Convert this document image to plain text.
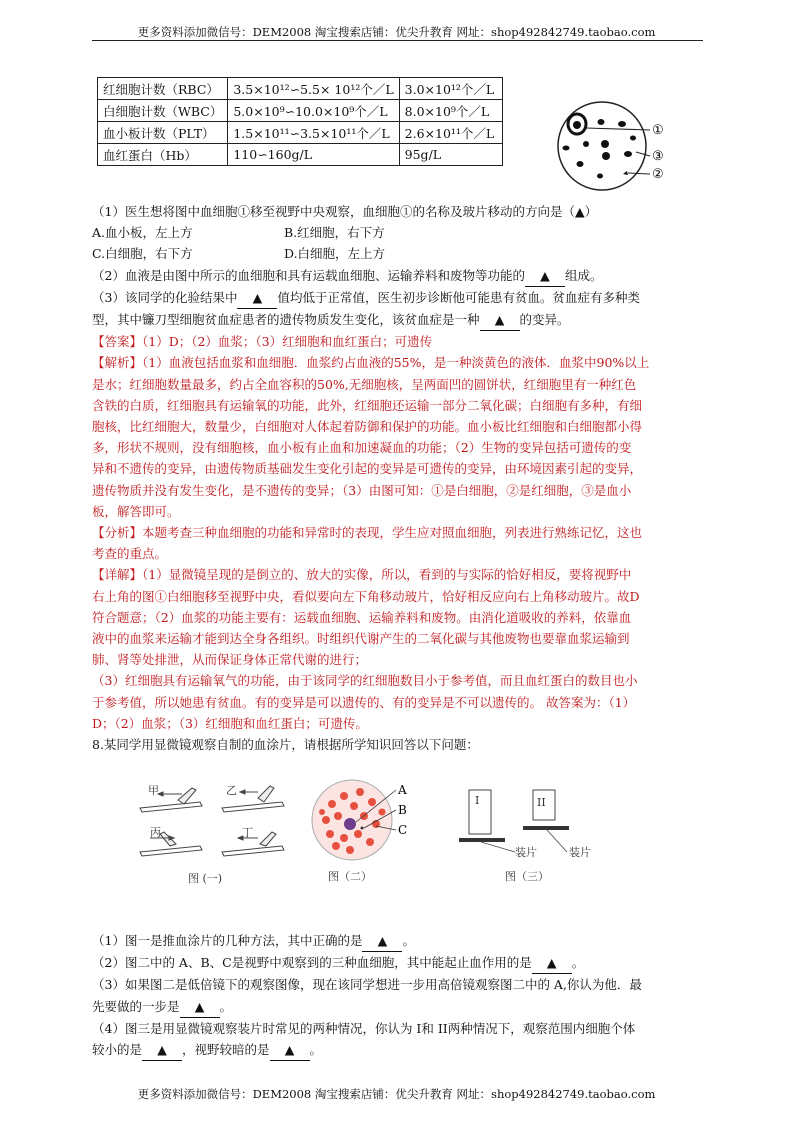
更多资料添加微信号：DEM2008 淘宝搜索店铺：优尖升教育 网址：shop492842749.taobao.com
红细胞计数（RBC）	3.5×10¹²∽5.5× 10¹²个／L	3.0×10¹²个／L
白细胞计数（WBC）	5.0×10⁹∽10.0×10⁹个／L	8.0×10⁹个／L
血小板计数（PLT）	1.5×10¹¹∽3.5×10¹¹个／L	2.6×10¹¹个／L
血红蛋白（Hb）	110∽160g/L	95g/L
①
③
②
（1）医生想将图中血细胞①移至视野中央观察，血细胞①的名称及玻片移动的方向是（▲）
A.血小板，左上方	B.红细胞，右下方
C.白细胞，右下方	D.白细胞，左上方
（2）血液是由图中所示的血细胞和具有运载血细胞、运输养料和废物等功能的 ▲ 组成。
（3）该同学的化验结果中 ▲ 值均低于正常值，医生初步诊断他可能患有贫血。贫血症有多种类
型，其中镰刀型细胞贫血症患者的遗传物质发生变化，该贫血症是一种 ▲ 的变异。
【答案】（1）D；（2）血浆；（3）红细胞和血红蛋白；可遗传
【解析】（1）血液包括血浆和血细胞．血浆约占血液的55%，是一种淡黄色的液体．血浆中90%以上
是水；红细胞数量最多，约占全血容积的50%,无细胞核，呈两面凹的圆饼状，红细胞里有一种红色
含铁的白质，红细胞具有运输氧的功能，此外，红细胞还运输一部分二氧化碳；白细胞有多种，有细
胞核，比红细胞大，数量少，白细胞对人体起着防御和保护的功能。血小板比红细胞和白细胞都小得
多，形状不规则，没有细胞核，血小板有止血和加速凝血的功能；（2）生物的变异包括可遗传的变
异和不遗传的变异，由遗传物质基础发生变化引起的变异是可遗传的变异，由环境因素引起的变异，
遗传物质并没有发生变化，是不遗传的变异；（3）由图可知：①是白细胞，②是红细胞，③是血小
板，解答即可。
【分析】本题考查三种血细胞的功能和异常时的表现，学生应对照血细胞，列表进行熟练记忆，这也
考查的重点。
【详解】（1）显微镜呈现的是倒立的、放大的实像，所以，看到的与实际的恰好相反，要将视野中
右上角的图①白细胞移至视野中央，看似要向左下角移动玻片，恰好相反应向右上角移动玻片。故D
符合题意；（2）血浆的功能主要有：运载血细胞、运输养料和废物。由消化道吸收的养料，依靠血
液中的血浆来运输才能到达全身各组织。时组织代谢产生的二氧化碳与其他废物也要靠血浆运输到
肺、肾等处排泄，从而保证身体正常代谢的进行；
（3）红细胞具有运输氧气的功能，由于该同学的红细胞数目小于参考值，而且血红蛋白的数目也小
于参考值，所以她患有贫血。有的变异是可以遗传的、有的变异是不可以遗传的。 故答案为：（1）
D；（2）血浆；（3）红细胞和血红蛋白；可遗传。
8.某同学用显微镜观察自制的血涂片，请根据所学知识回答以下问题：
甲	乙
丙	丁
图 (一)
A
B
C
图（二）
I	II
装片	装片
图（三）
（1）图一是推血涂片的几种方法，其中正确的是 ▲ 。
（2）图二中的 A、B、C是视野中观察到的三种血细胞，其中能起止血作用的是 ▲ 。
（3）如果图二是低倍镜下的观察图像，现在该同学想进一步用高倍镜观察图二中的 A,你认为他．最
先要做的一步是 ▲ 。
（4）图三是用显微镜观察装片时常见的两种情况，你认为 I和 II两种情况下，观察范围内细胞个体
较小的是 ▲ ，视野较暗的是 ▲ 。
更多资料添加微信号：DEM2008 淘宝搜索店铺：优尖升教育 网址：shop492842749.taobao.com
